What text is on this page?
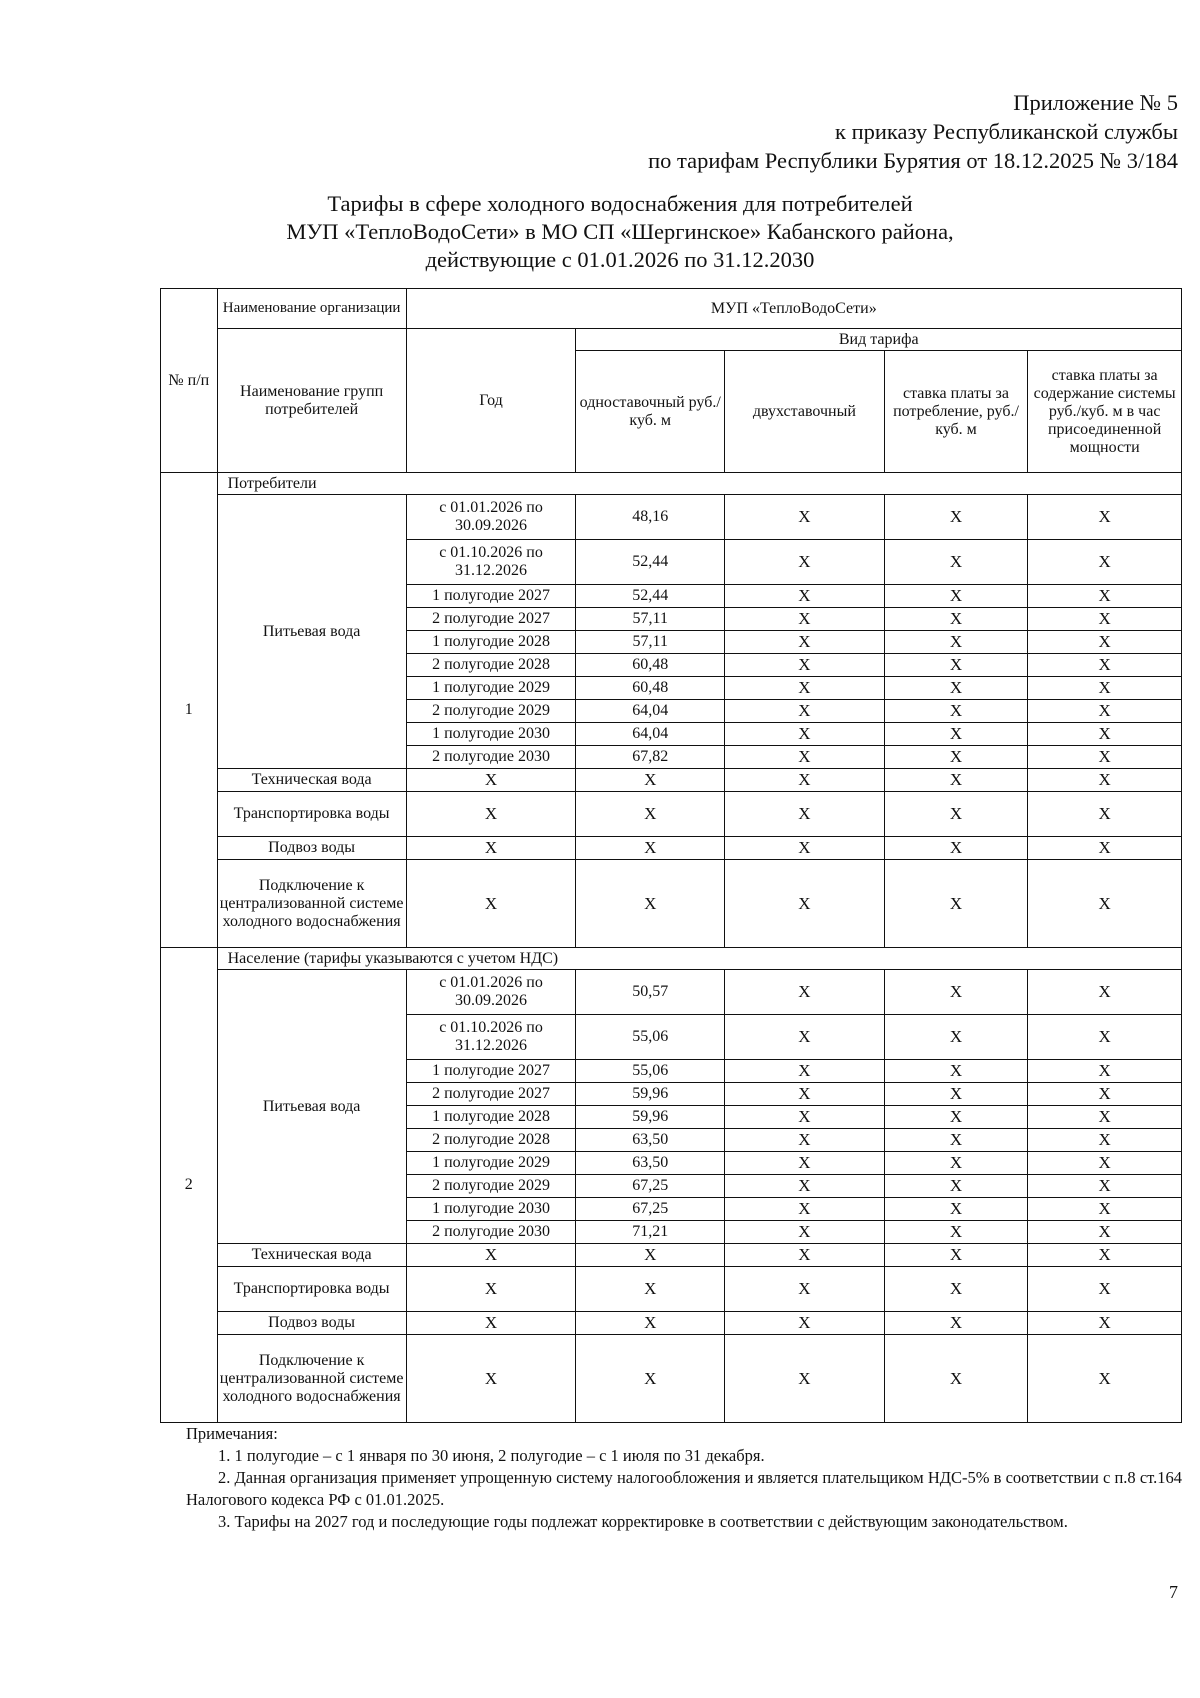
Приложение № 5
к приказу Республиканской службы
по тарифам Республики Бурятия от 18.12.2025 № 3/184
Тарифы в сфере холодного водоснабжения для потребителей
МУП «ТеплоВодоСети» в МО СП «Шергинское» Кабанского района,
действующие с 01.01.2026 по 31.12.2030
№ п/п	Наименование организации	МУП «ТеплоВодоСети»				
	Наименование групп потребителей	Год	Вид тарифа			
			одноставочный руб./ куб. м	двухставочный	ставка платы за потребление, руб./ куб. м	ставка платы за содержание системы руб./куб. м в час присоединенной мощности
1	Потребители					
	Питьевая вода	с 01.01.2026 по 30.09.2026	48,16	X	X	X
		с 01.10.2026 по 31.12.2026	52,44	X	X	X
		1 полугодие 2027	52,44	X	X	X
		2 полугодие 2027	57,11	X	X	X
		1 полугодие 2028	57,11	X	X	X
		2 полугодие 2028	60,48	X	X	X
		1 полугодие 2029	60,48	X	X	X
		2 полугодие 2029	64,04	X	X	X
		1 полугодие 2030	64,04	X	X	X
		2 полугодие 2030	67,82	X	X	X
	Техническая вода	X	X	X	X	X
	Транспортировка воды	X	X	X	X	X
	Подвоз воды	X	X	X	X	X
	Подключение к централизованной системе холодного водоснабжения	X	X	X	X	X
2	Население (тарифы указываются с учетом НДС)					
	Питьевая вода	с 01.01.2026 по 30.09.2026	50,57	X	X	X
		с 01.10.2026 по 31.12.2026	55,06	X	X	X
		1 полугодие 2027	55,06	X	X	X
		2 полугодие 2027	59,96	X	X	X
		1 полугодие 2028	59,96	X	X	X
		2 полугодие 2028	63,50	X	X	X
		1 полугодие 2029	63,50	X	X	X
		2 полугодие 2029	67,25	X	X	X
		1 полугодие 2030	67,25	X	X	X
		2 полугодие 2030	71,21	X	X	X
	Техническая вода	X	X	X	X	X
	Транспортировка воды	X	X	X	X	X
	Подвоз воды	X	X	X	X	X
	Подключение к централизованной системе холодного водоснабжения	X	X	X	X	X
Примечания:

1. 1 полугодие – с 1 января по 30 июня, 2 полугодие – с 1 июля по 31 декабря.

2. Данная организация применяет упрощенную систему налогообложения и является плательщиком НДС-5% в соответствии с п.8 ст.164 Налогового кодекса РФ с 01.01.2025.

3. Тарифы на 2027 год и последующие годы подлежат корректировке в соответствии с действующим законодательством.

7
